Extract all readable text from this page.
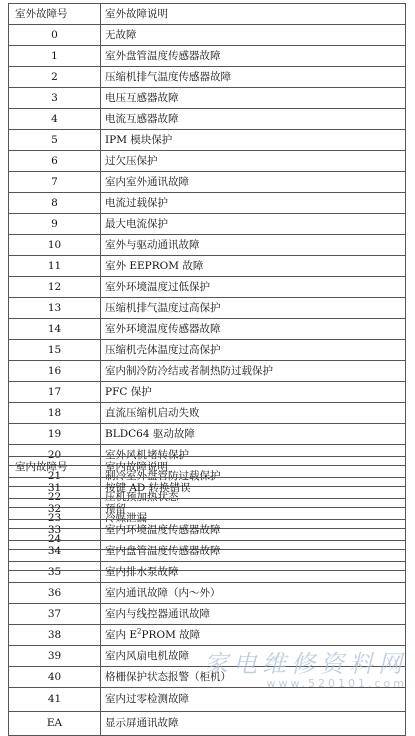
室外故障号	室外故障说明
0	无故障
1	室外盘管温度传感器故障
2	压缩机排气温度传感器故障
3	电压互感器故障
4	电流互感器故障
5	IPM 模块保护
6	过欠压保护
7	室内室外通讯故障
8	电流过载保护
9	最大电流保护
10	室外与驱动通讯故障
11	室外 EEPROM 故障
12	室外环境温度过低保护
13	压缩机排气温度过高保护
14	室外环境温度传感器故障
15	压缩机壳体温度过高保护
16	室内制冷防冷结或者制热防过载保护
17	PFC 保护
18	直流压缩机启动失败
19	BLDC64 驱动故障
20	室外风机堵转保护
21	制冷室外盘管防过载保护
22	压机预加热状态
23	冷媒泄漏
24	

室内故障号	室内故障说明
31	按键 AD 转换错误
32	预留
33	室内环境温度传感器故障
34	室内盘管温度传感器故障
35	室内排水泵故障
36	室内通讯故障（内～外）
37	室内与线控器通讯故障
38	室内 $E^2PROM$ 故障
39	室内风扇电机故障
40	格栅保护状态报警（柜机）
41	室内过零检测故障
EA	显示屏通讯故障
家电维修资料网
www.520101.com
